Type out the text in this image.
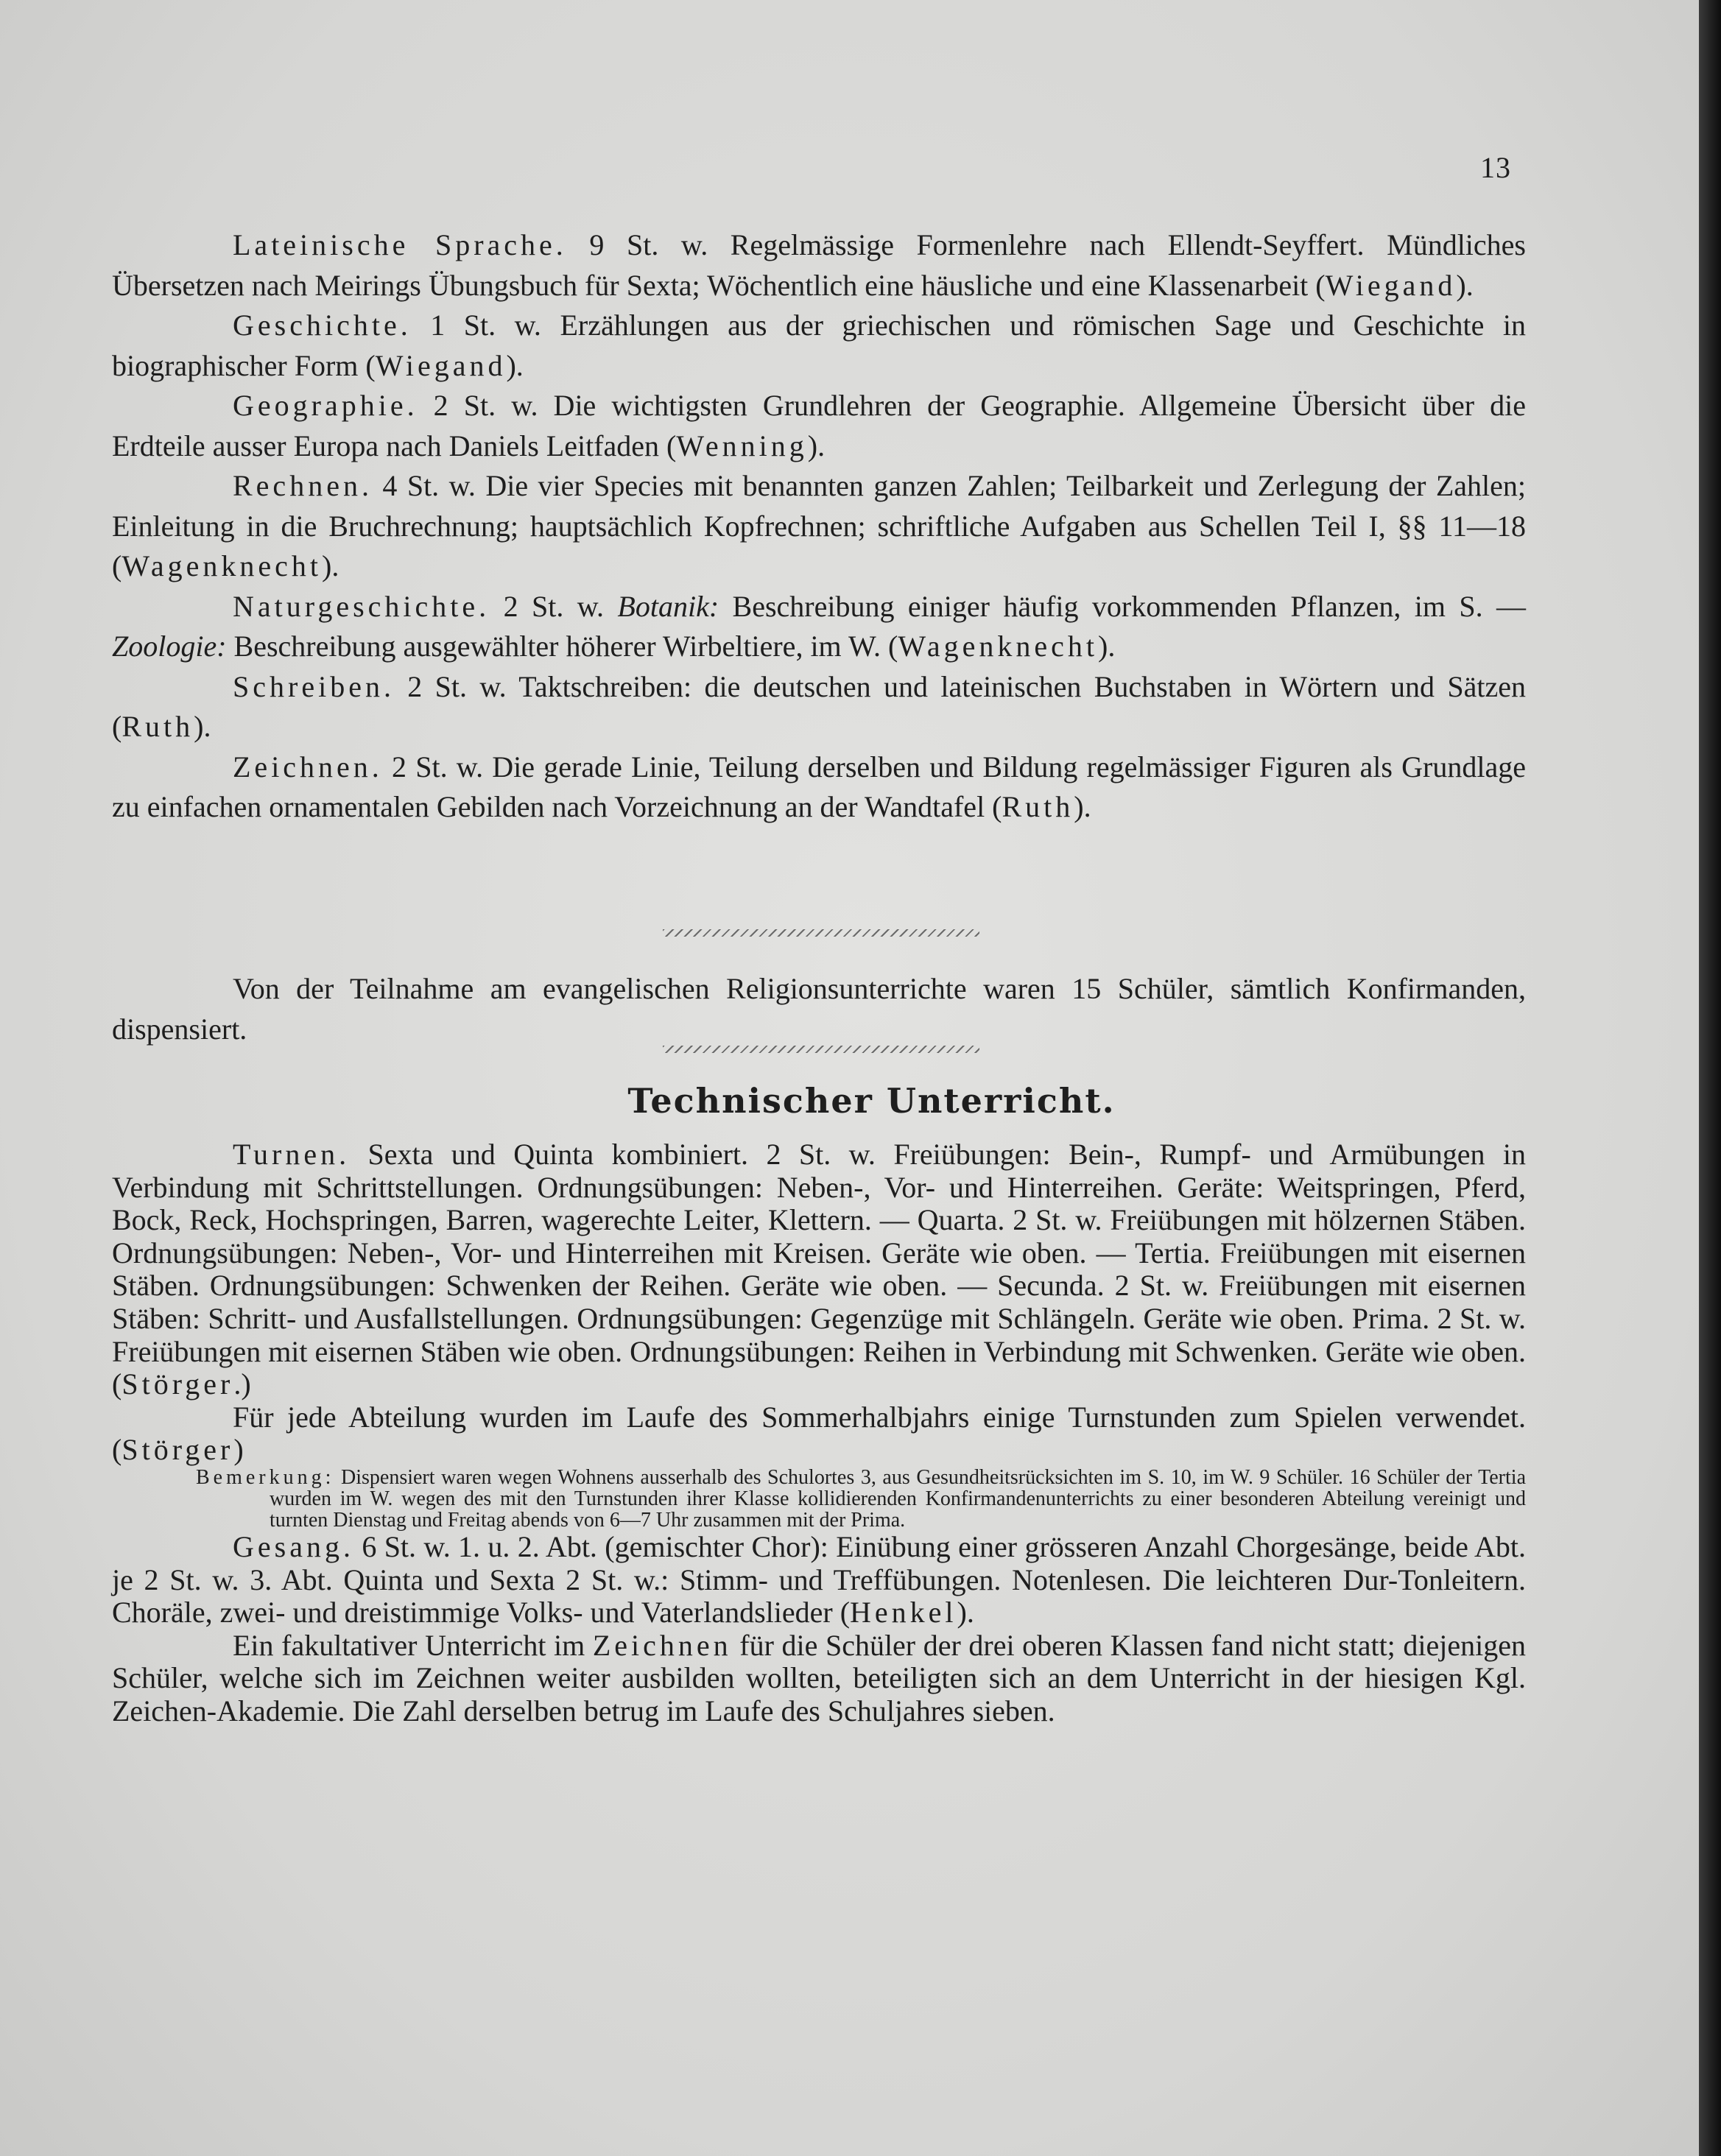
13

Lateinische Sprache. 9 St. w. Regelmässige Formenlehre nach Ellendt-Seyffert. Mündliches Übersetzen nach Meirings Übungsbuch für Sexta; Wöchentlich eine häusliche und eine Klassenarbeit (Wiegand).

Geschichte. 1 St. w. Erzählungen aus der griechischen und römischen Sage und Geschichte in biographischer Form (Wiegand).

Geographie. 2 St. w. Die wichtigsten Grundlehren der Geographie. Allgemeine Übersicht über die Erdteile ausser Europa nach Daniels Leitfaden (Wenning).

Rechnen. 4 St. w. Die vier Species mit benannten ganzen Zahlen; Teilbarkeit und Zerlegung der Zahlen; Einleitung in die Bruchrechnung; hauptsächlich Kopfrechnen; schriftliche Aufgaben aus Schellen Teil I, §§ 11—18 (Wagenknecht).

Naturgeschichte. 2 St. w. Botanik: Beschreibung einiger häufig vorkommenden Pflanzen, im S. — Zoologie: Beschreibung ausgewählter höherer Wirbeltiere, im W. (Wagenknecht).

Schreiben. 2 St. w. Taktschreiben: die deutschen und lateinischen Buchstaben in Wörtern und Sätzen (Ruth).

Zeichnen. 2 St. w. Die gerade Linie, Teilung derselben und Bildung regelmässiger Figuren als Grundlage zu einfachen ornamentalen Gebilden nach Vorzeichnung an der Wandtafel (Ruth).

Von der Teilnahme am evangelischen Religionsunterrichte waren 15 Schüler, sämtlich Konfirmanden, dispensiert.

Technischer Unterricht.

Turnen. Sexta und Quinta kombiniert. 2 St. w. Freiübungen: Bein-, Rumpf- und Armübungen in Verbindung mit Schrittstellungen. Ordnungsübungen: Neben-, Vor- und Hinterreihen. Geräte: Weitspringen, Pferd, Bock, Reck, Hochspringen, Barren, wagerechte Leiter, Klettern. — Quarta. 2 St. w. Freiübungen mit hölzernen Stäben. Ordnungsübungen: Neben-, Vor- und Hinterreihen mit Kreisen. Geräte wie oben. — Tertia. Freiübungen mit eisernen Stäben. Ordnungsübungen: Schwenken der Reihen. Geräte wie oben. — Secunda. 2 St. w. Freiübungen mit eisernen Stäben: Schritt- und Ausfallstellungen. Ordnungsübungen: Gegenzüge mit Schlängeln. Geräte wie oben. Prima. 2 St. w. Freiübungen mit eisernen Stäben wie oben. Ordnungsübungen: Reihen in Verbindung mit Schwenken. Geräte wie oben. (Störger.)

Für jede Abteilung wurden im Laufe des Sommerhalbjahrs einige Turnstunden zum Spielen verwendet. (Störger)

Bemerkung: Dispensiert waren wegen Wohnens ausserhalb des Schulortes 3, aus Gesundheitsrücksichten im S. 10, im W. 9 Schüler. 16 Schüler der Tertia wurden im W. wegen des mit den Turnstunden ihrer Klasse kollidierenden Konfirmandenunterrichts zu einer besonderen Abteilung vereinigt und turnten Dienstag und Freitag abends von 6—7 Uhr zusammen mit der Prima.

Gesang. 6 St. w. 1. u. 2. Abt. (gemischter Chor): Einübung einer grösseren Anzahl Chorgesänge, beide Abt. je 2 St. w. 3. Abt. Quinta und Sexta 2 St. w.: Stimm- und Treffübungen. Notenlesen. Die leichteren Dur-Tonleitern. Choräle, zwei- und dreistimmige Volks- und Vaterlandslieder (Henkel).

Ein fakultativer Unterricht im Zeichnen für die Schüler der drei oberen Klassen fand nicht statt; diejenigen Schüler, welche sich im Zeichnen weiter ausbilden wollten, beteiligten sich an dem Unterricht in der hiesigen Kgl. Zeichen-Akademie. Die Zahl derselben betrug im Laufe des Schuljahres sieben.
